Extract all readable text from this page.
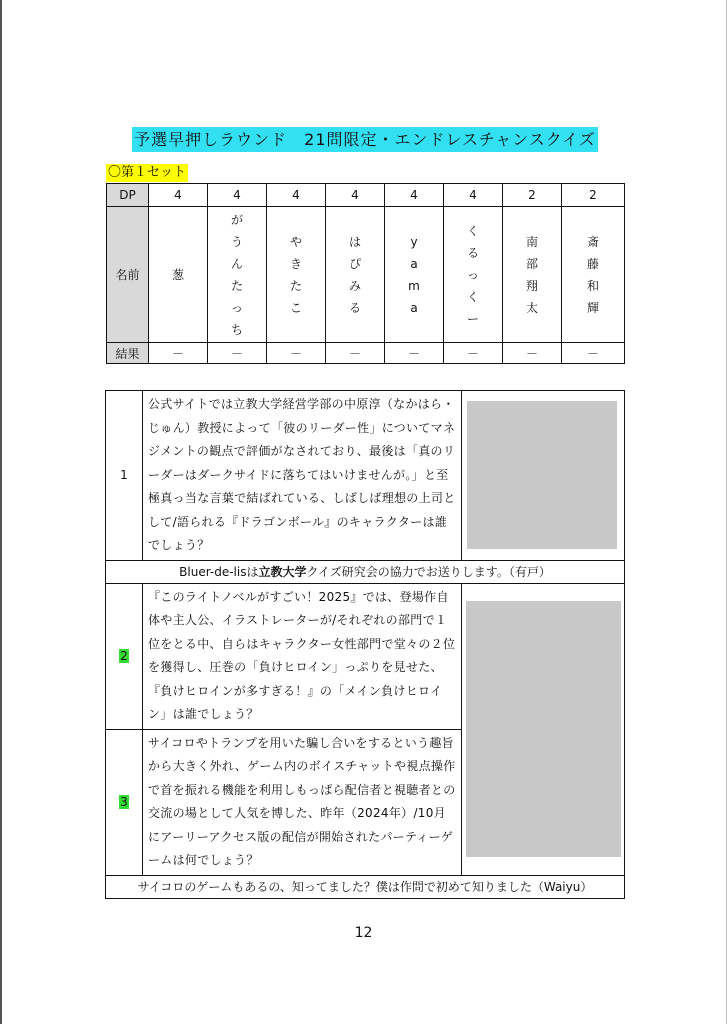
予選早押しラウンド　21問限定・エンドレスチャンスクイズ
〇第１セット
DP	4	4	4	4	4	4	2	2
名前	葱	がうんたっち	やきたこ	はぴみる	yama	くるっくー	南部翔太	斎藤和輝
結果	－	－	－	－	－	－	－	－
1	公式サイトでは立教大学経営学部の中原淳（なかはら・じゅん）教授によって「彼のリーダー性」についてマネジメントの観点で評価がなされており、最後は「真のリーダーはダークサイドに落ちてはいけませんが。」と至極真っ当な言葉で結ばれている、しばしば理想の上司として/語られる『ドラゴンボール』のキャラクターは誰でしょう？	

Bluer-de-lisは立教大学クイズ研究会の協力でお送りします。（有戸）		
2	『このライトノベルがすごい！2025』では、登場作自体や主人公、イラストレーターが/それぞれの部門で１位をとる中、自らはキャラクター女性部門で堂々の２位を獲得し、圧巻の「負けヒロイン」っぷりを見せた、『負けヒロインが多すぎる！』の「メイン負けヒロイン」は誰でしょう？	

3	サイコロやトランプを用いた騙し合いをするという趣旨から大きく外れ、ゲーム内のボイスチャットや視点操作で首を振れる機能を利用しもっぱら配信者と視聴者との交流の場として人気を博した、昨年（2024年）/10月にアーリーアクセス版の配信が開始されたパーティーゲームは何でしょう？	
サイコロのゲームもあるの、知ってました？僕は作問で初めて知りました（Waiyu）		
12
